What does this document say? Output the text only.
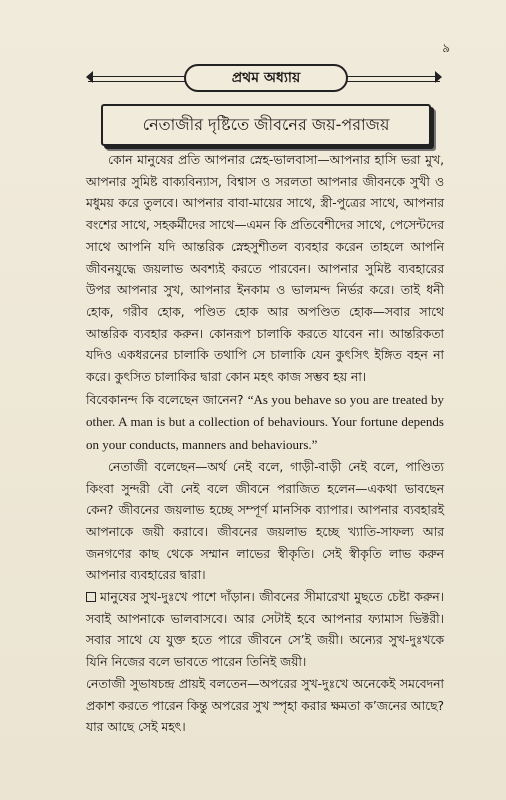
৯
প্রথম অধ্যায়
নেতাজীর দৃষ্টিতে জীবনের জয়-পরাজয়

কোন মানুষের প্রতি আপনার স্নেহ-ভালবাসা—আপনার হাসি ভরা মুখ, আপনার সুমিষ্ট বাক্যবিন্যাস, বিশ্বাস ও সরলতা আপনার জীবনকে সুখী ও মধুময় করে তুলবে। আপনার বাবা-মায়ের সাথে, স্ত্রী-পুত্রের সাথে, আপনার বংশের সাথে, সহকর্মীদের সাথে—এমন কি প্রতিবেশীদের সাথে, পেসেন্টদের সাথে আপনি যদি আন্তরিক স্নেহসুশীতল ব্যবহার করেন তাহলে আপনি জীবনযুদ্ধে জয়লাভ অবশ্যই করতে পারবেন। আপনার সুমিষ্ট ব্যবহারের উপর আপনার সুখ, আপনার ইনকাম ও ভালমন্দ নির্ভর করে। তাই ধনী হোক, গরীব হোক, পণ্ডিত হোক আর অপণ্ডিত হোক—সবার সাথে আন্তরিক ব্যবহার করুন। কোনরূপ চালাকি করতে যাবেন না। আন্তরিকতা যদিও একধরনের চালাকি তথাপি সে চালাকি যেন কুৎসিৎ ইঙ্গিত বহন না করে। কুৎসিত চালাকির দ্বারা কোন মহৎ কাজ সম্ভব হয় না।

বিবেকানন্দ কি বলেছেন জানেন? “As you behave so you are treated by other. A man is but a collection of behaviours. Your fortune depends on your conducts, manners and behaviours.”

নেতাজী বলেছেন—অর্থ নেই বলে, গাড়ী-বাড়ী নেই বলে, পাণ্ডিত্য কিংবা সুন্দরী বৌ নেই বলে জীবনে পরাজিত হলেন—একথা ভাবছেন কেন? জীবনের জয়লাভ হচ্ছে সম্পূর্ণ মানসিক ব্যাপার। আপনার ব্যবহারই আপনাকে জয়ী করাবে। জীবনের জয়লাভ হচ্ছে খ্যাতি-সাফল্য আর জনগণের কাছ থেকে সম্মান লাভের স্বীকৃতি। সেই স্বীকৃতি লাভ করুন আপনার ব্যবহারের দ্বারা।

মানুষের সুখ-দুঃখে পাশে দাঁড়ান। জীবনের সীমারেখা মুছতে চেষ্টা করুন। সবাই আপনাকে ভালবাসবে। আর সেটাই হবে আপনার ফ্যামাস ভিক্টরী। সবার সাথে যে যুক্ত হতে পারে জীবনে সে’ই জয়ী। অন্যের সুখ-দুঃখকে যিনি নিজের বলে ভাবতে পারেন তিনিই জয়ী।

নেতাজী সুভাষচন্দ্র প্রায়ই বলতেন—অপরের সুখ-দুঃখে অনেকেই সমবেদনা প্রকাশ করতে পারেন কিন্তু অপরের সুখ স্পৃহা করার ক্ষমতা ক’জনের আছে? যার আছে সেই মহৎ।
